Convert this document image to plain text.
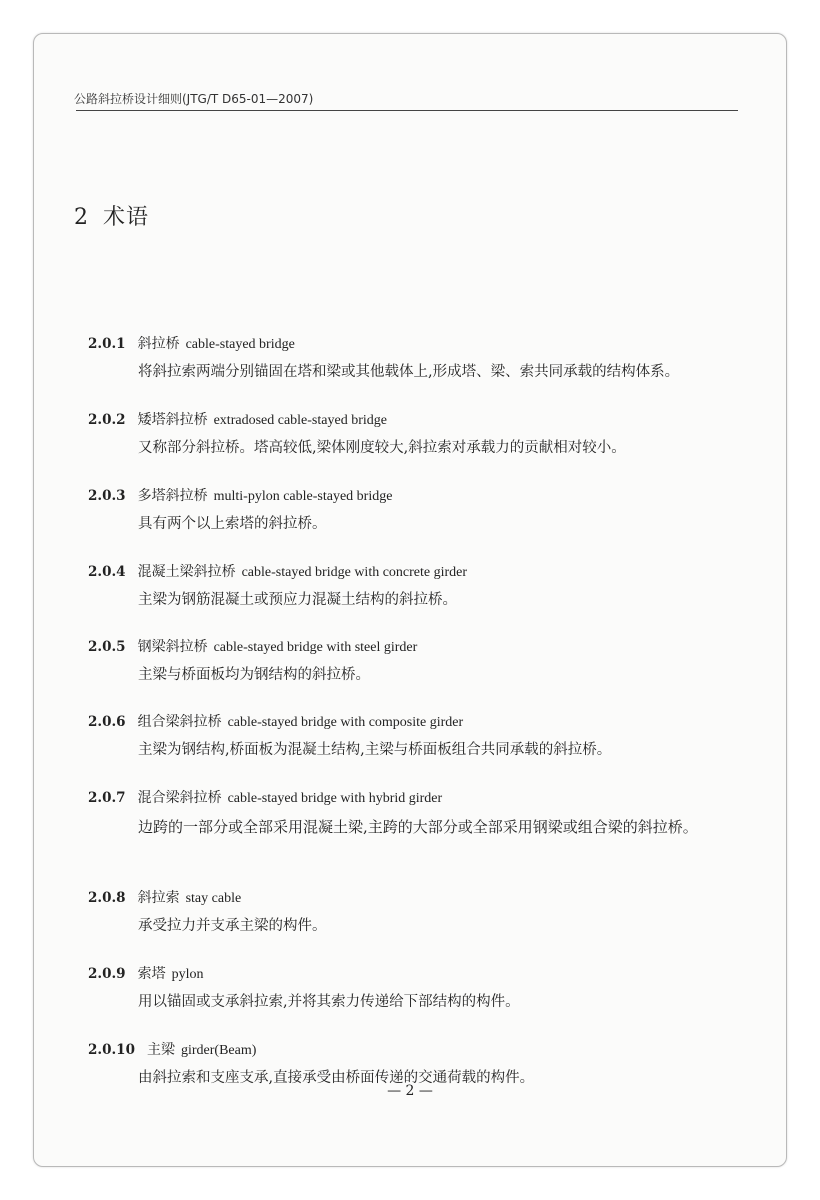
公路斜拉桥设计细则(JTG/T D65-01—2007)
2 术语
2.0.1 斜拉桥 cable-stayed bridge
将斜拉索两端分别锚固在塔和梁或其他载体上,形成塔、梁、索共同承载的结构体系。
2.0.2 矮塔斜拉桥 extradosed cable-stayed bridge
又称部分斜拉桥。塔高较低,梁体刚度较大,斜拉索对承载力的贡献相对较小。
2.0.3 多塔斜拉桥 multi-pylon cable-stayed bridge
具有两个以上索塔的斜拉桥。
2.0.4 混凝土梁斜拉桥 cable-stayed bridge with concrete girder
主梁为钢筋混凝土或预应力混凝土结构的斜拉桥。
2.0.5 钢梁斜拉桥 cable-stayed bridge with steel girder
主梁与桥面板均为钢结构的斜拉桥。
2.0.6 组合梁斜拉桥 cable-stayed bridge with composite girder
主梁为钢结构,桥面板为混凝土结构,主梁与桥面板组合共同承载的斜拉桥。
2.0.7 混合梁斜拉桥 cable-stayed bridge with hybrid girder
边跨的一部分或全部采用混凝土梁,主跨的大部分或全部采用钢梁或组合梁的斜拉桥。
2.0.8 斜拉索 stay cable
承受拉力并支承主梁的构件。
2.0.9 索塔 pylon
用以锚固或支承斜拉索,并将其索力传递给下部结构的构件。
2.0.10 主梁 girder(Beam)
由斜拉索和支座支承,直接承受由桥面传递的交通荷载的构件。
— 2 —
